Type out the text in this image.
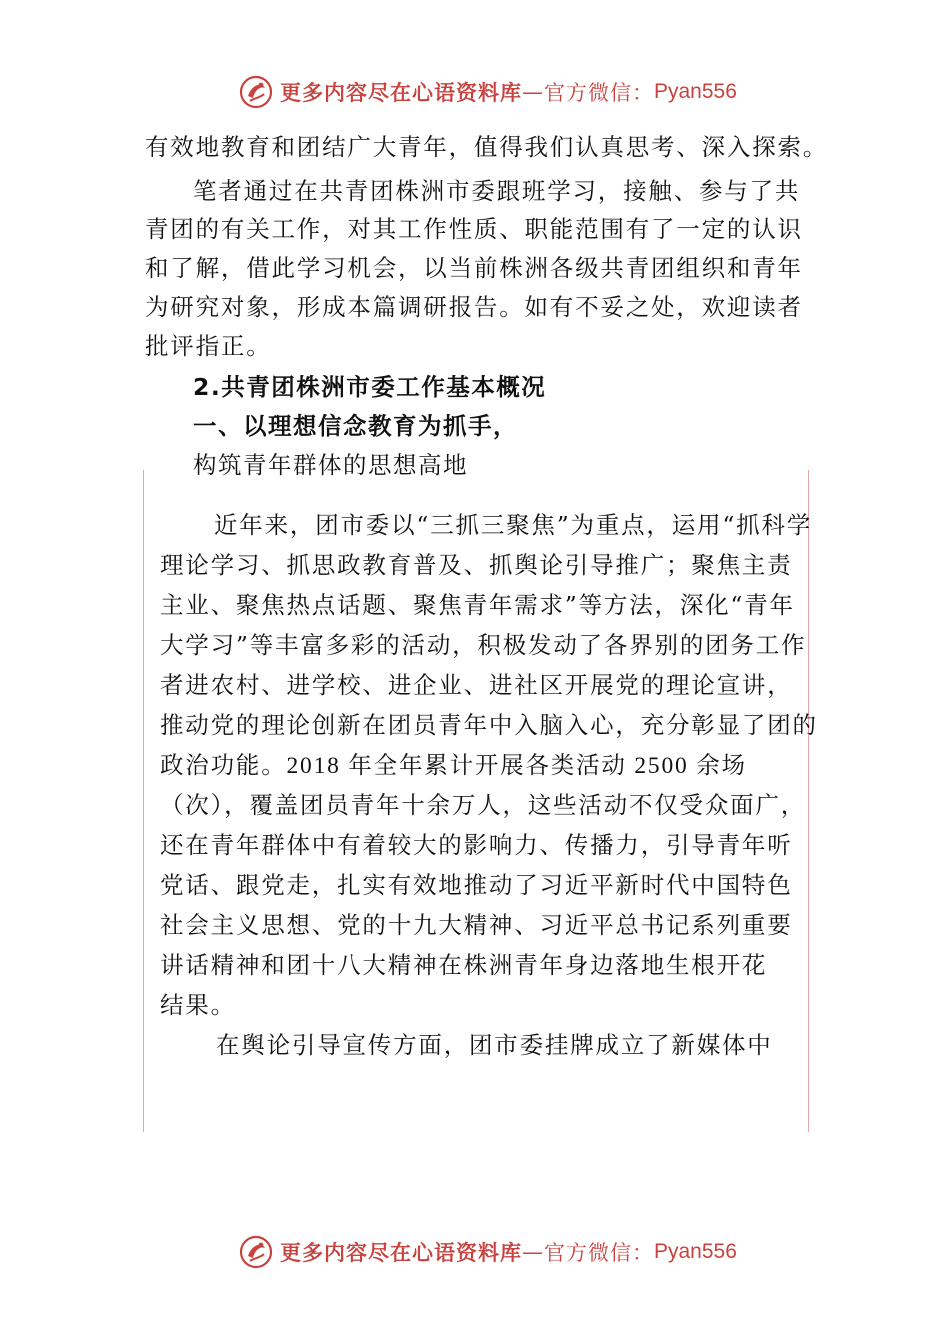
更多内容尽在心语资料库 — 官方微信： Pyan556
有效地教育和团结广大青年，值得我们认真思考、深入探索。
笔者通过在共青团株洲市委跟班学习，接触、参与了共
青团的有关工作，对其工作性质、职能范围有了一定的认识
和了解，借此学习机会，以当前株洲各级共青团组织和青年
为研究对象，形成本篇调研报告。如有不妥之处，欢迎读者
批评指正。
2.共青团株洲市委工作基本概况
一、以理想信念教育为抓手，
构筑青年群体的思想高地
近年来，团市委以“三抓三聚焦”为重点，运用“抓科学
理论学习、抓思政教育普及、抓舆论引导推广；聚焦主责
主业、聚焦热点话题、聚焦青年需求”等方法，深化“青年
大学习”等丰富多彩的活动，积极发动了各界别的团务工作
者进农村、进学校、进企业、进社区开展党的理论宣讲，
推动党的理论创新在团员青年中入脑入心，充分彰显了团的
政治功能。2018 年全年累计开展各类活动 2500 余场
（次），覆盖团员青年十余万人，这些活动不仅受众面广，
还在青年群体中有着较大的影响力、传播力，引导青年听
党话、跟党走，扎实有效地推动了习近平新时代中国特色
社会主义思想、党的十九大精神、习近平总书记系列重要
讲话精神和团十八大精神在株洲青年身边落地生根开花
结果。
在舆论引导宣传方面，团市委挂牌成立了新媒体中
更多内容尽在心语资料库 — 官方微信： Pyan556
